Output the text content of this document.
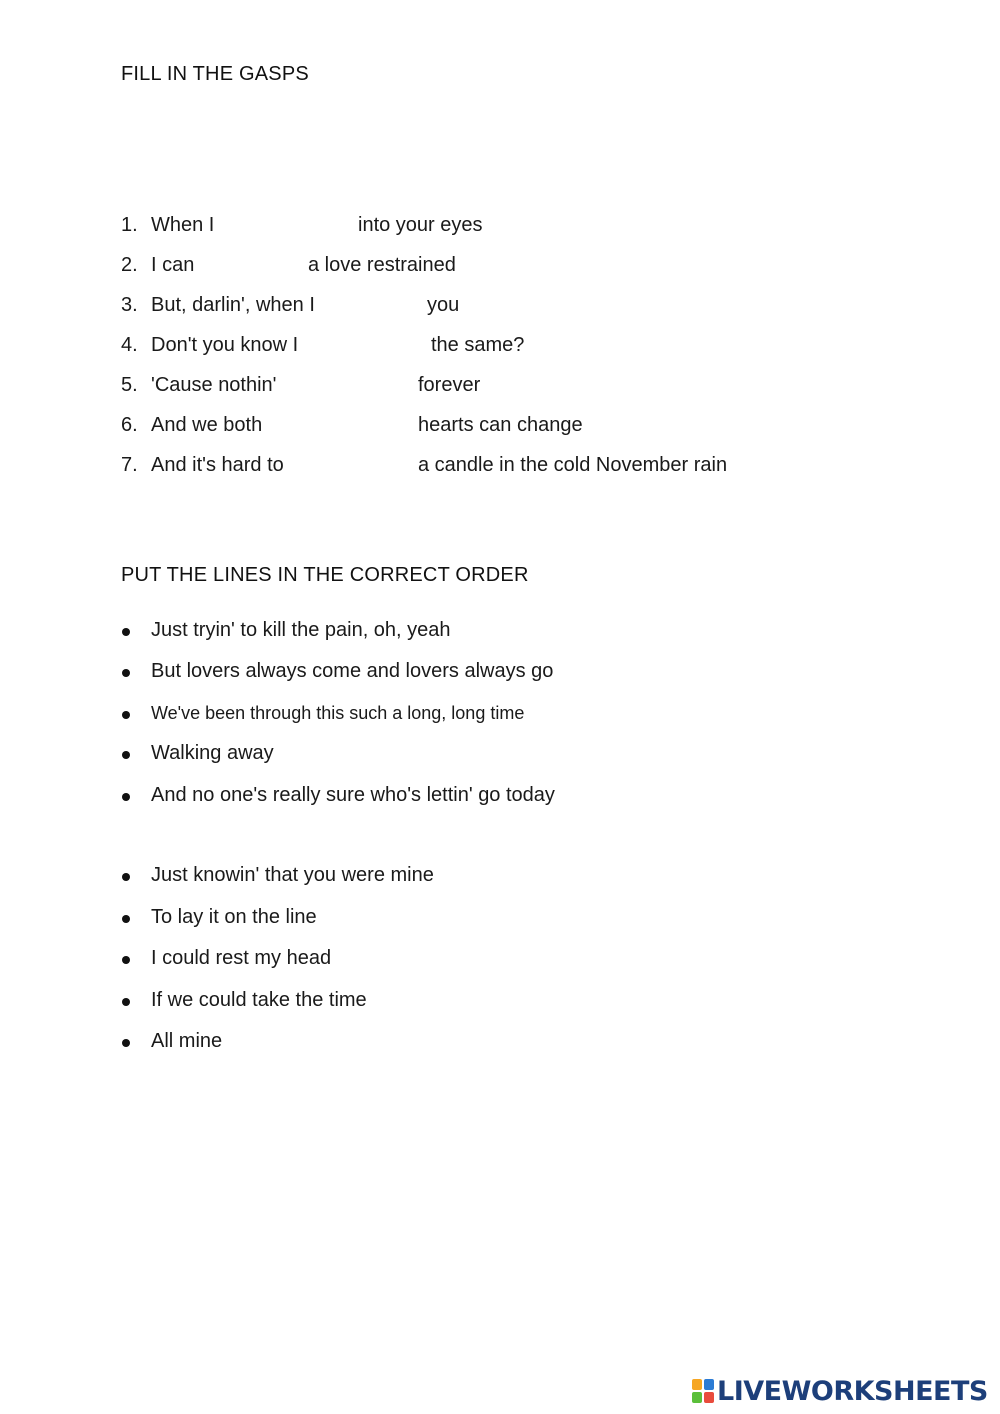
FILL IN THE GASPS
1. When I	into your eyes
2. I can	a love restrained
3. But, darlin', when I	you
4. Don't you know I	the same?
5. 'Cause nothin'	forever
6. And we both	hearts can change
7. And it's hard to	a candle in the cold November rain
PUT THE LINES IN THE CORRECT ORDER
Just tryin' to kill the pain, oh, yeah
But lovers always come and lovers always go
We've been through this such a long, long time
Walking away
And no one's really sure who's lettin' go today
Just knowin' that you were mine
To lay it on the line
I could rest my head
If we could take the time
All mine
LIVEWORKSHEETS
